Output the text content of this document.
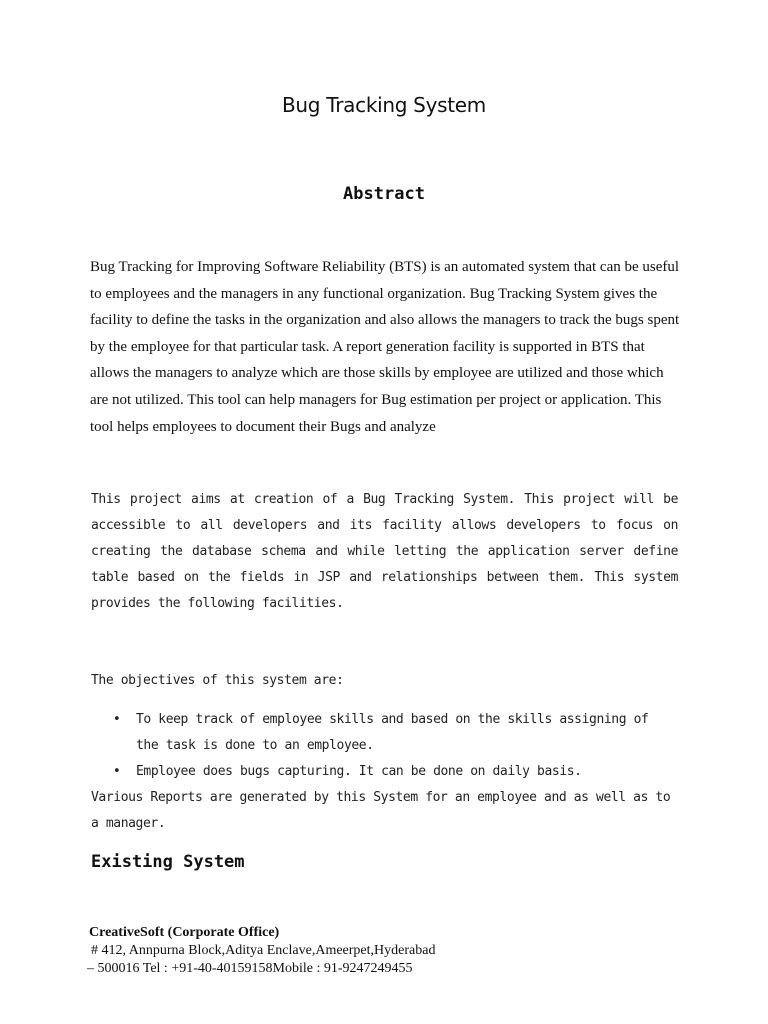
Bug Tracking System
Abstract

Bug Tracking for Improving Software Reliability (BTS) is an automated system that can be useful to employees and the managers in any functional organization. Bug Tracking System gives the facility to define the tasks in the organization and also allows the managers to track the bugs spent by the employee for that particular task. A report generation facility is supported in BTS that allows the managers to analyze which are those skills by employee are utilized and those which are not utilized. This tool can help managers for Bug estimation per project or application. This tool helps employees to document their Bugs and analyze

This project aims at creation of a Bug Tracking System. This project will be accessible to all developers and its facility allows developers to focus on creating the database schema and while letting the application server define table based on the fields in JSP and relationships between them. This system provides the following facilities.

The objectives of this system are:

• To keep track of employee skills and based on the skills assigning of the task is done to an employee.
• Employee does bugs capturing. It can be done on daily basis.

Various Reports are generated by this System for an employee and as well as to a manager.

Existing System
CreativeSoft (Corporate Office)
# 412, Annpurna Block,Aditya Enclave,Ameerpet,Hyderabad
– 500016 Tel : +91-40-40159158Mobile : 91-9247249455
